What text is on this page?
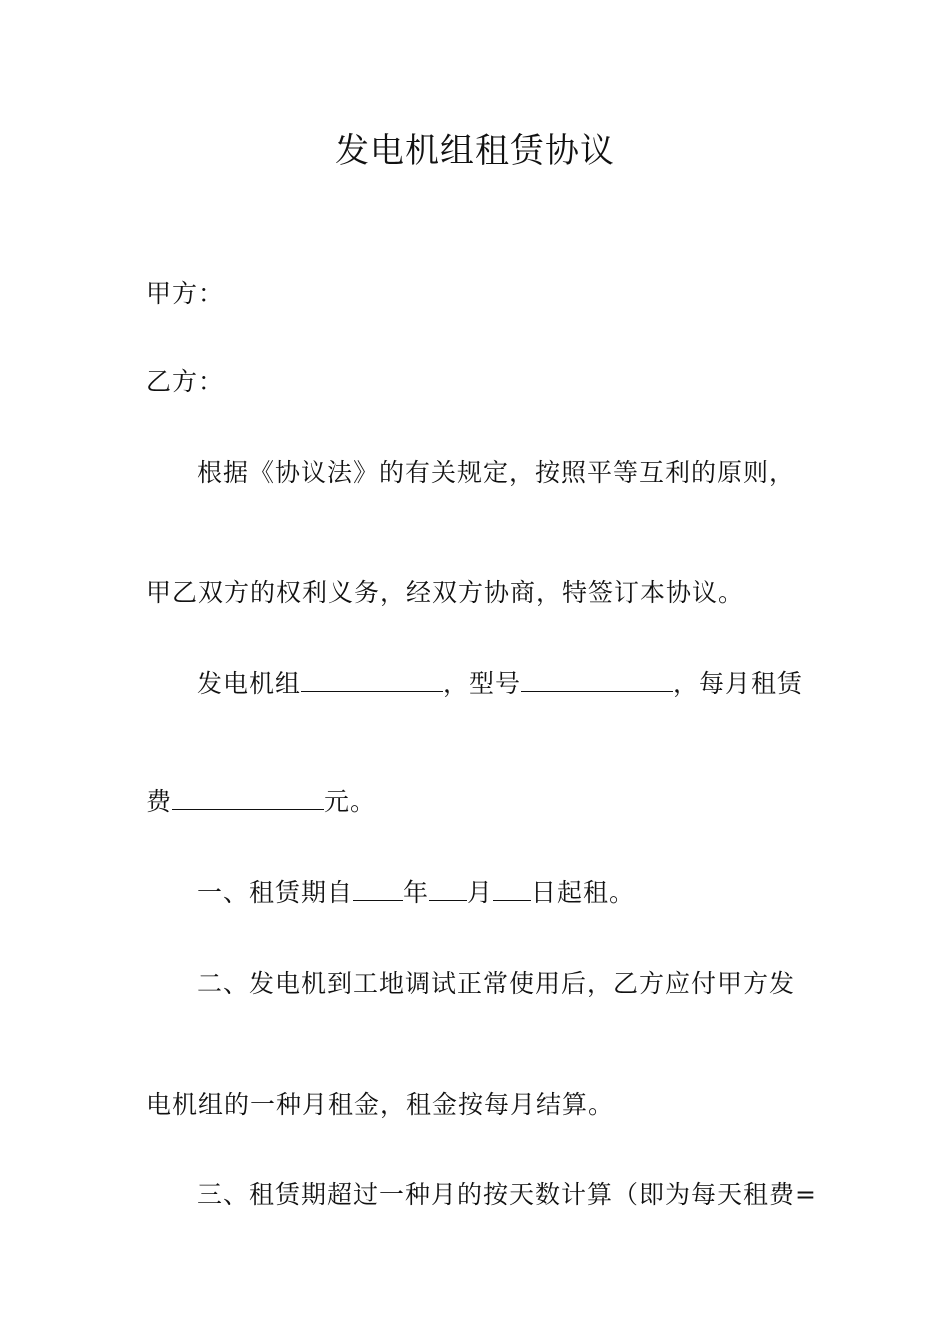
发电机组租赁协议
甲方：
乙方：
根据《协议法》的有关规定，按照平等互利的原则，
甲乙双方的权利义务，经双方协商，特签订本协议。
发电机组	，型号	，每月租赁
费	元。
一、租赁期自 年 月 日起租。
二、发电机到工地调试正常使用后，乙方应付甲方发
电机组的一种月租金，租金按每月结算。
三、租赁期超过一种月的按天数计算（即为每天租费=
